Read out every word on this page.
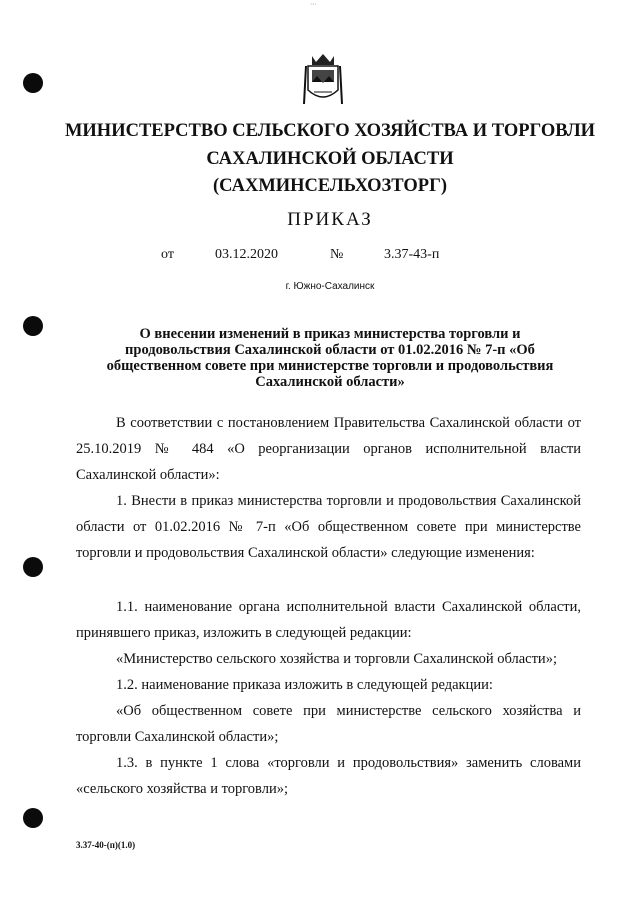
ᐧᐧᐧ
МИНИСТЕРСТВО СЕЛЬСКОГО ХОЗЯЙСТВА И ТОРГОВЛИ САХАЛИНСКОЙ ОБЛАСТИ
(САХМИНСЕЛЬХОЗТОРГ)
ПРИКАЗ
от	03.12.2020	№	3.37-43-п
г. Южно-Сахалинск
О внесении изменений в приказ министерства торговли и продовольствия Сахалинской области от 01.02.2016 № 7-п «Об общественном совете при министерстве торговли и продовольствия Сахалинской области»

В соответствии с постановлением Правительства Сахалинской области от 25.10.2019 № 484 «О реорганизации органов исполнительной власти Сахалинской области»:

1. Внести в приказ министерства торговли и продовольствия Сахалинской области от 01.02.2016 № 7-п «Об общественном совете при министерстве торговли и продовольствия Сахалинской области» следующие изменения:

1.1. наименование органа исполнительной власти Сахалинской области, принявшего приказ, изложить в следующей редакции:

«Министерство сельского хозяйства и торговли Сахалинской области»;

1.2. наименование приказа изложить в следующей редакции:

«Об общественном совете при министерстве сельского хозяйства и торговли Сахалинской области»;

1.3. в пункте 1 слова «торговли и продовольствия» заменить словами «сельского хозяйства и торговли»;

3.37-40-(п)(1.0)
